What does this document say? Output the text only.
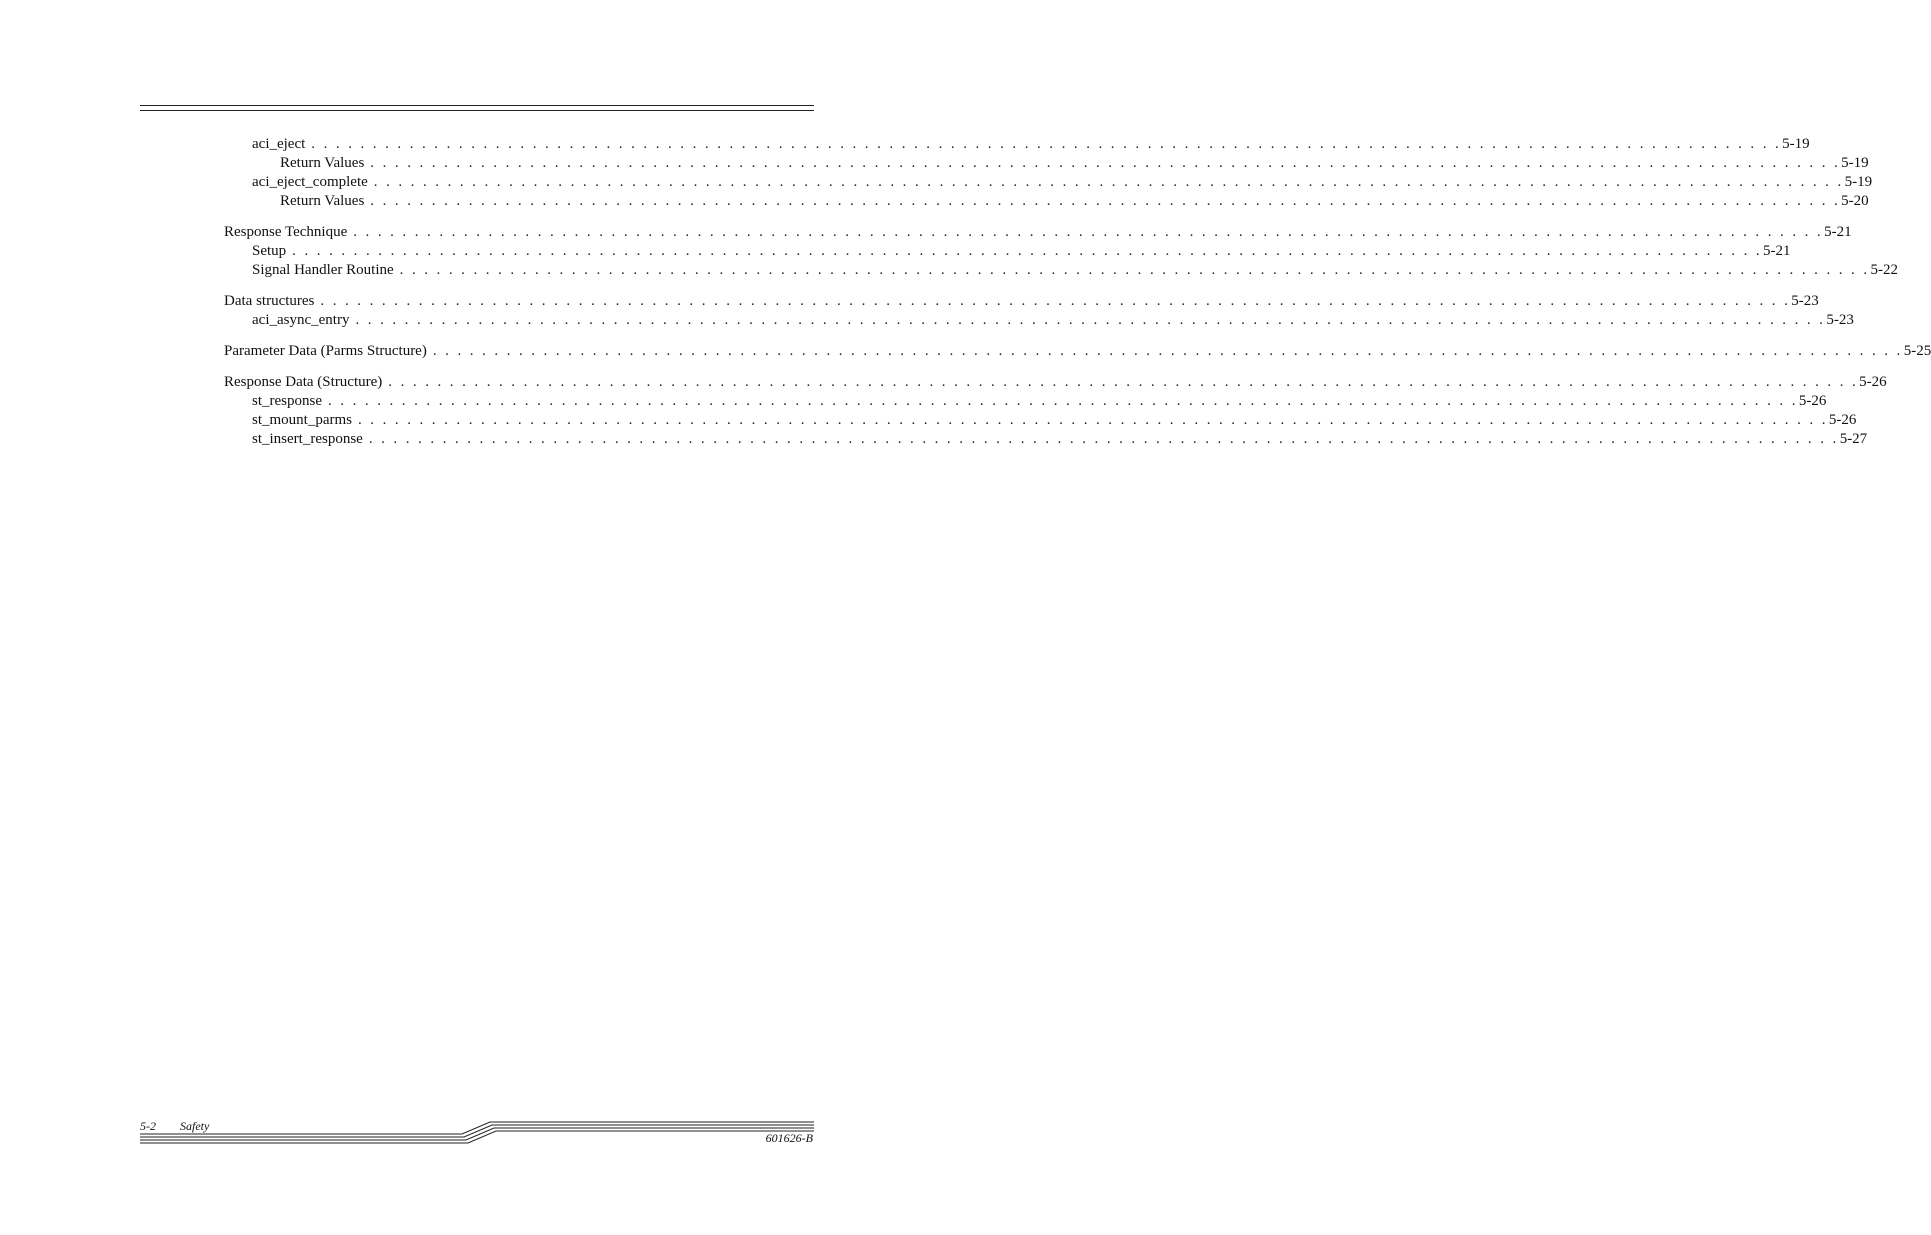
aci_eject . . . . . . . . . . . . . . . . . . . . . . . . . . . . . . . . . . . . . . . . . . . . . . . . . . . . . . . . . . . . . . . . . . . . . . . . . . . . . . . . . . . . . . . . . . . . . . . . . . . . . . . . . . . . . . . . . . . . . . . . 5-19
Return Values . . . . . . . . . . . . . . . . . . . . . . . . . . . . . . . . . . . . . . . . . . . . . . . . . . . . . . . . . . . . . . . . . . . . . . . . . . . . . . . . . . . . . . . . . . . . . . . . . . . . . . . . . . . . . . . . . . . . . . . . 5-19
aci_eject_complete . . . . . . . . . . . . . . . . . . . . . . . . . . . . . . . . . . . . . . . . . . . . . . . . . . . . . . . . . . . . . . . . . . . . . . . . . . . . . . . . . . . . . . . . . . . . . . . . . . . . . . . . . . . . . . . . . . . . . . . . 5-19
Return Values . . . . . . . . . . . . . . . . . . . . . . . . . . . . . . . . . . . . . . . . . . . . . . . . . . . . . . . . . . . . . . . . . . . . . . . . . . . . . . . . . . . . . . . . . . . . . . . . . . . . . . . . . . . . . . . . . . . . . . . . 5-20
Response Technique . . . . . . . . . . . . . . . . . . . . . . . . . . . . . . . . . . . . . . . . . . . . . . . . . . . . . . . . . . . . . . . . . . . . . . . . . . . . . . . . . . . . . . . . . . . . . . . . . . . . . . . . . . . . . . . . . . . . . . . . 5-21
Setup . . . . . . . . . . . . . . . . . . . . . . . . . . . . . . . . . . . . . . . . . . . . . . . . . . . . . . . . . . . . . . . . . . . . . . . . . . . . . . . . . . . . . . . . . . . . . . . . . . . . . . . . . . . . . . . . . . . . . . . . 5-21
Signal Handler Routine . . . . . . . . . . . . . . . . . . . . . . . . . . . . . . . . . . . . . . . . . . . . . . . . . . . . . . . . . . . . . . . . . . . . . . . . . . . . . . . . . . . . . . . . . . . . . . . . . . . . . . . . . . . . . . . . . . . . . . . . 5-22
Data structures . . . . . . . . . . . . . . . . . . . . . . . . . . . . . . . . . . . . . . . . . . . . . . . . . . . . . . . . . . . . . . . . . . . . . . . . . . . . . . . . . . . . . . . . . . . . . . . . . . . . . . . . . . . . . . . . . . . . . . . . 5-23
aci_async_entry . . . . . . . . . . . . . . . . . . . . . . . . . . . . . . . . . . . . . . . . . . . . . . . . . . . . . . . . . . . . . . . . . . . . . . . . . . . . . . . . . . . . . . . . . . . . . . . . . . . . . . . . . . . . . . . . . . . . . . . . 5-23
Parameter Data (Parms Structure) . . . . . . . . . . . . . . . . . . . . . . . . . . . . . . . . . . . . . . . . . . . . . . . . . . . . . . . . . . . . . . . . . . . . . . . . . . . . . . . . . . . . . . . . . . . . . . . . . . . . . . . . . . . . . . . . . . . . . . . . 5-25
Response Data (Structure) . . . . . . . . . . . . . . . . . . . . . . . . . . . . . . . . . . . . . . . . . . . . . . . . . . . . . . . . . . . . . . . . . . . . . . . . . . . . . . . . . . . . . . . . . . . . . . . . . . . . . . . . . . . . . . . . . . . . . . . . 5-26
st_response . . . . . . . . . . . . . . . . . . . . . . . . . . . . . . . . . . . . . . . . . . . . . . . . . . . . . . . . . . . . . . . . . . . . . . . . . . . . . . . . . . . . . . . . . . . . . . . . . . . . . . . . . . . . . . . . . . . . . . . . 5-26
st_mount_parms . . . . . . . . . . . . . . . . . . . . . . . . . . . . . . . . . . . . . . . . . . . . . . . . . . . . . . . . . . . . . . . . . . . . . . . . . . . . . . . . . . . . . . . . . . . . . . . . . . . . . . . . . . . . . . . . . . . . . . . . 5-26
st_insert_response . . . . . . . . . . . . . . . . . . . . . . . . . . . . . . . . . . . . . . . . . . . . . . . . . . . . . . . . . . . . . . . . . . . . . . . . . . . . . . . . . . . . . . . . . . . . . . . . . . . . . . . . . . . . . . . . . . . . . . . . 5-27
5-2 Safety
601626-B
